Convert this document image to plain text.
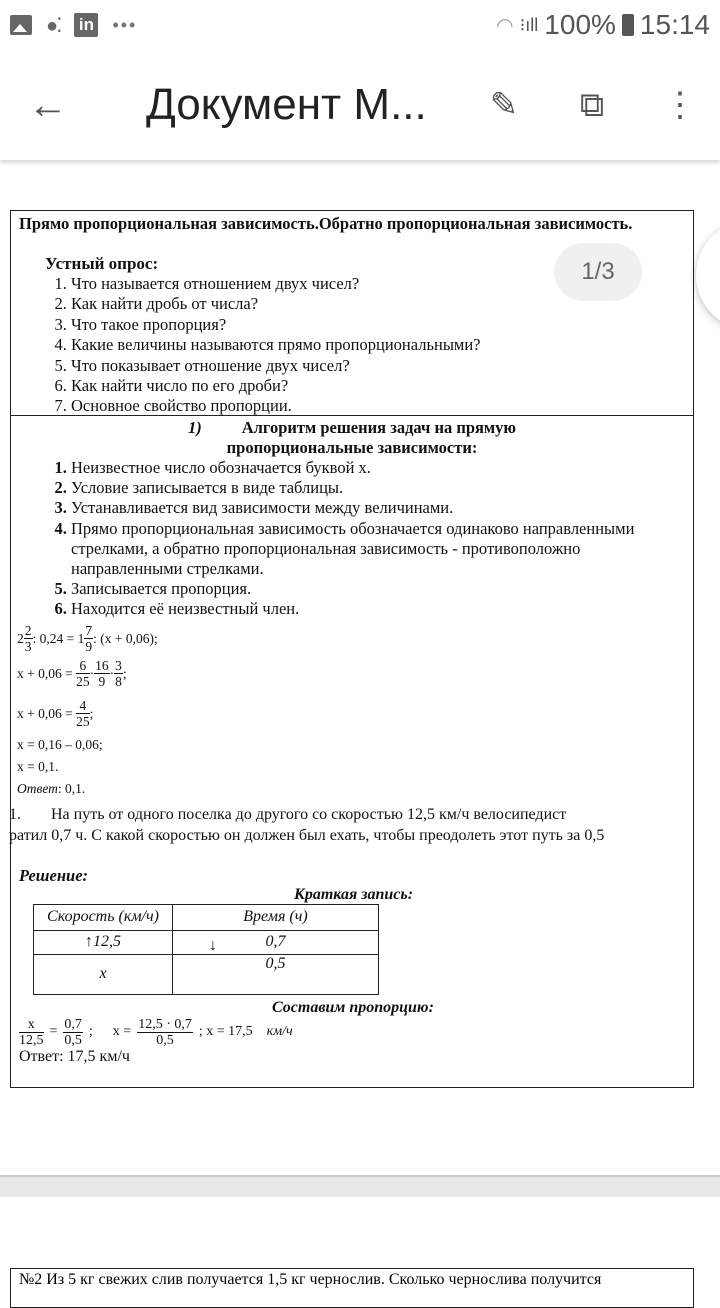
●⁚ in •••	◠ ⁝ıll 100% 15:14
←	Документ М...	✎	⧉	⋮
Прямо пропорциональная зависимость.Обратно пропорциональная зависимость.
Устный опрос:
1. Что называется отношением двух чисел?
2. Как найти дробь от числа?
3. Что такое пропорция?
4. Какие величины называются прямо пропорциональными?
5. Что показывает отношение двух чисел?
6. Как найти число по его дроби?
7. Основное свойство пропорции.
1) Алгоритм решения задач на прямую
пропорциональные зависимости:
1. Неизвестное число обозначается буквой х.
2. Условие записывается в виде таблицы.
3. Устанавливается вид зависимости между величинами.
4. Прямо пропорциональная зависимость обозначается одинаково направленными стрелками, а обратно пропорциональная зависимость - противоположно направленными стрелками.
5. Записывается пропорция.
6. Находится её неизвестный член.
$2 \frac{2}{3}$ : $0,24 = 1 \frac{7}{9}$ : (x + 0,06);
x + 0,06 =
$\frac{6}{25} \cdot \frac{16}{9} \cdot \frac{3}{8}$ ;
x + 0,06 =
$\frac{4}{25}$ ;
x = 0,16 – 0,06;
x = 0,1.
Ответ : 0,1.
1. На путь от одного поселка до другого со скоростью 12,5 км/ч велосипедист
ратил 0,7 ч. С какой скоростью он должен был ехать, чтобы преодолеть этот путь за 0,5
Решение:
Краткая запись:
Скорость (км/ч)	Время (ч)
↑12,5	↓ 0,7
x	0,5
Составим пропорцию:
$\frac{x}{12,5} = \frac{0,7}{0,5}$ ; $x = \frac{12,5 \cdot 0,7}{0,5}$ ; x = 17,5 км/ч
Ответ: 17,5 км/ч
1/3
№2 Из 5 кг свежих слив получается 1,5 кг чернослив. Сколько чернослива получится
